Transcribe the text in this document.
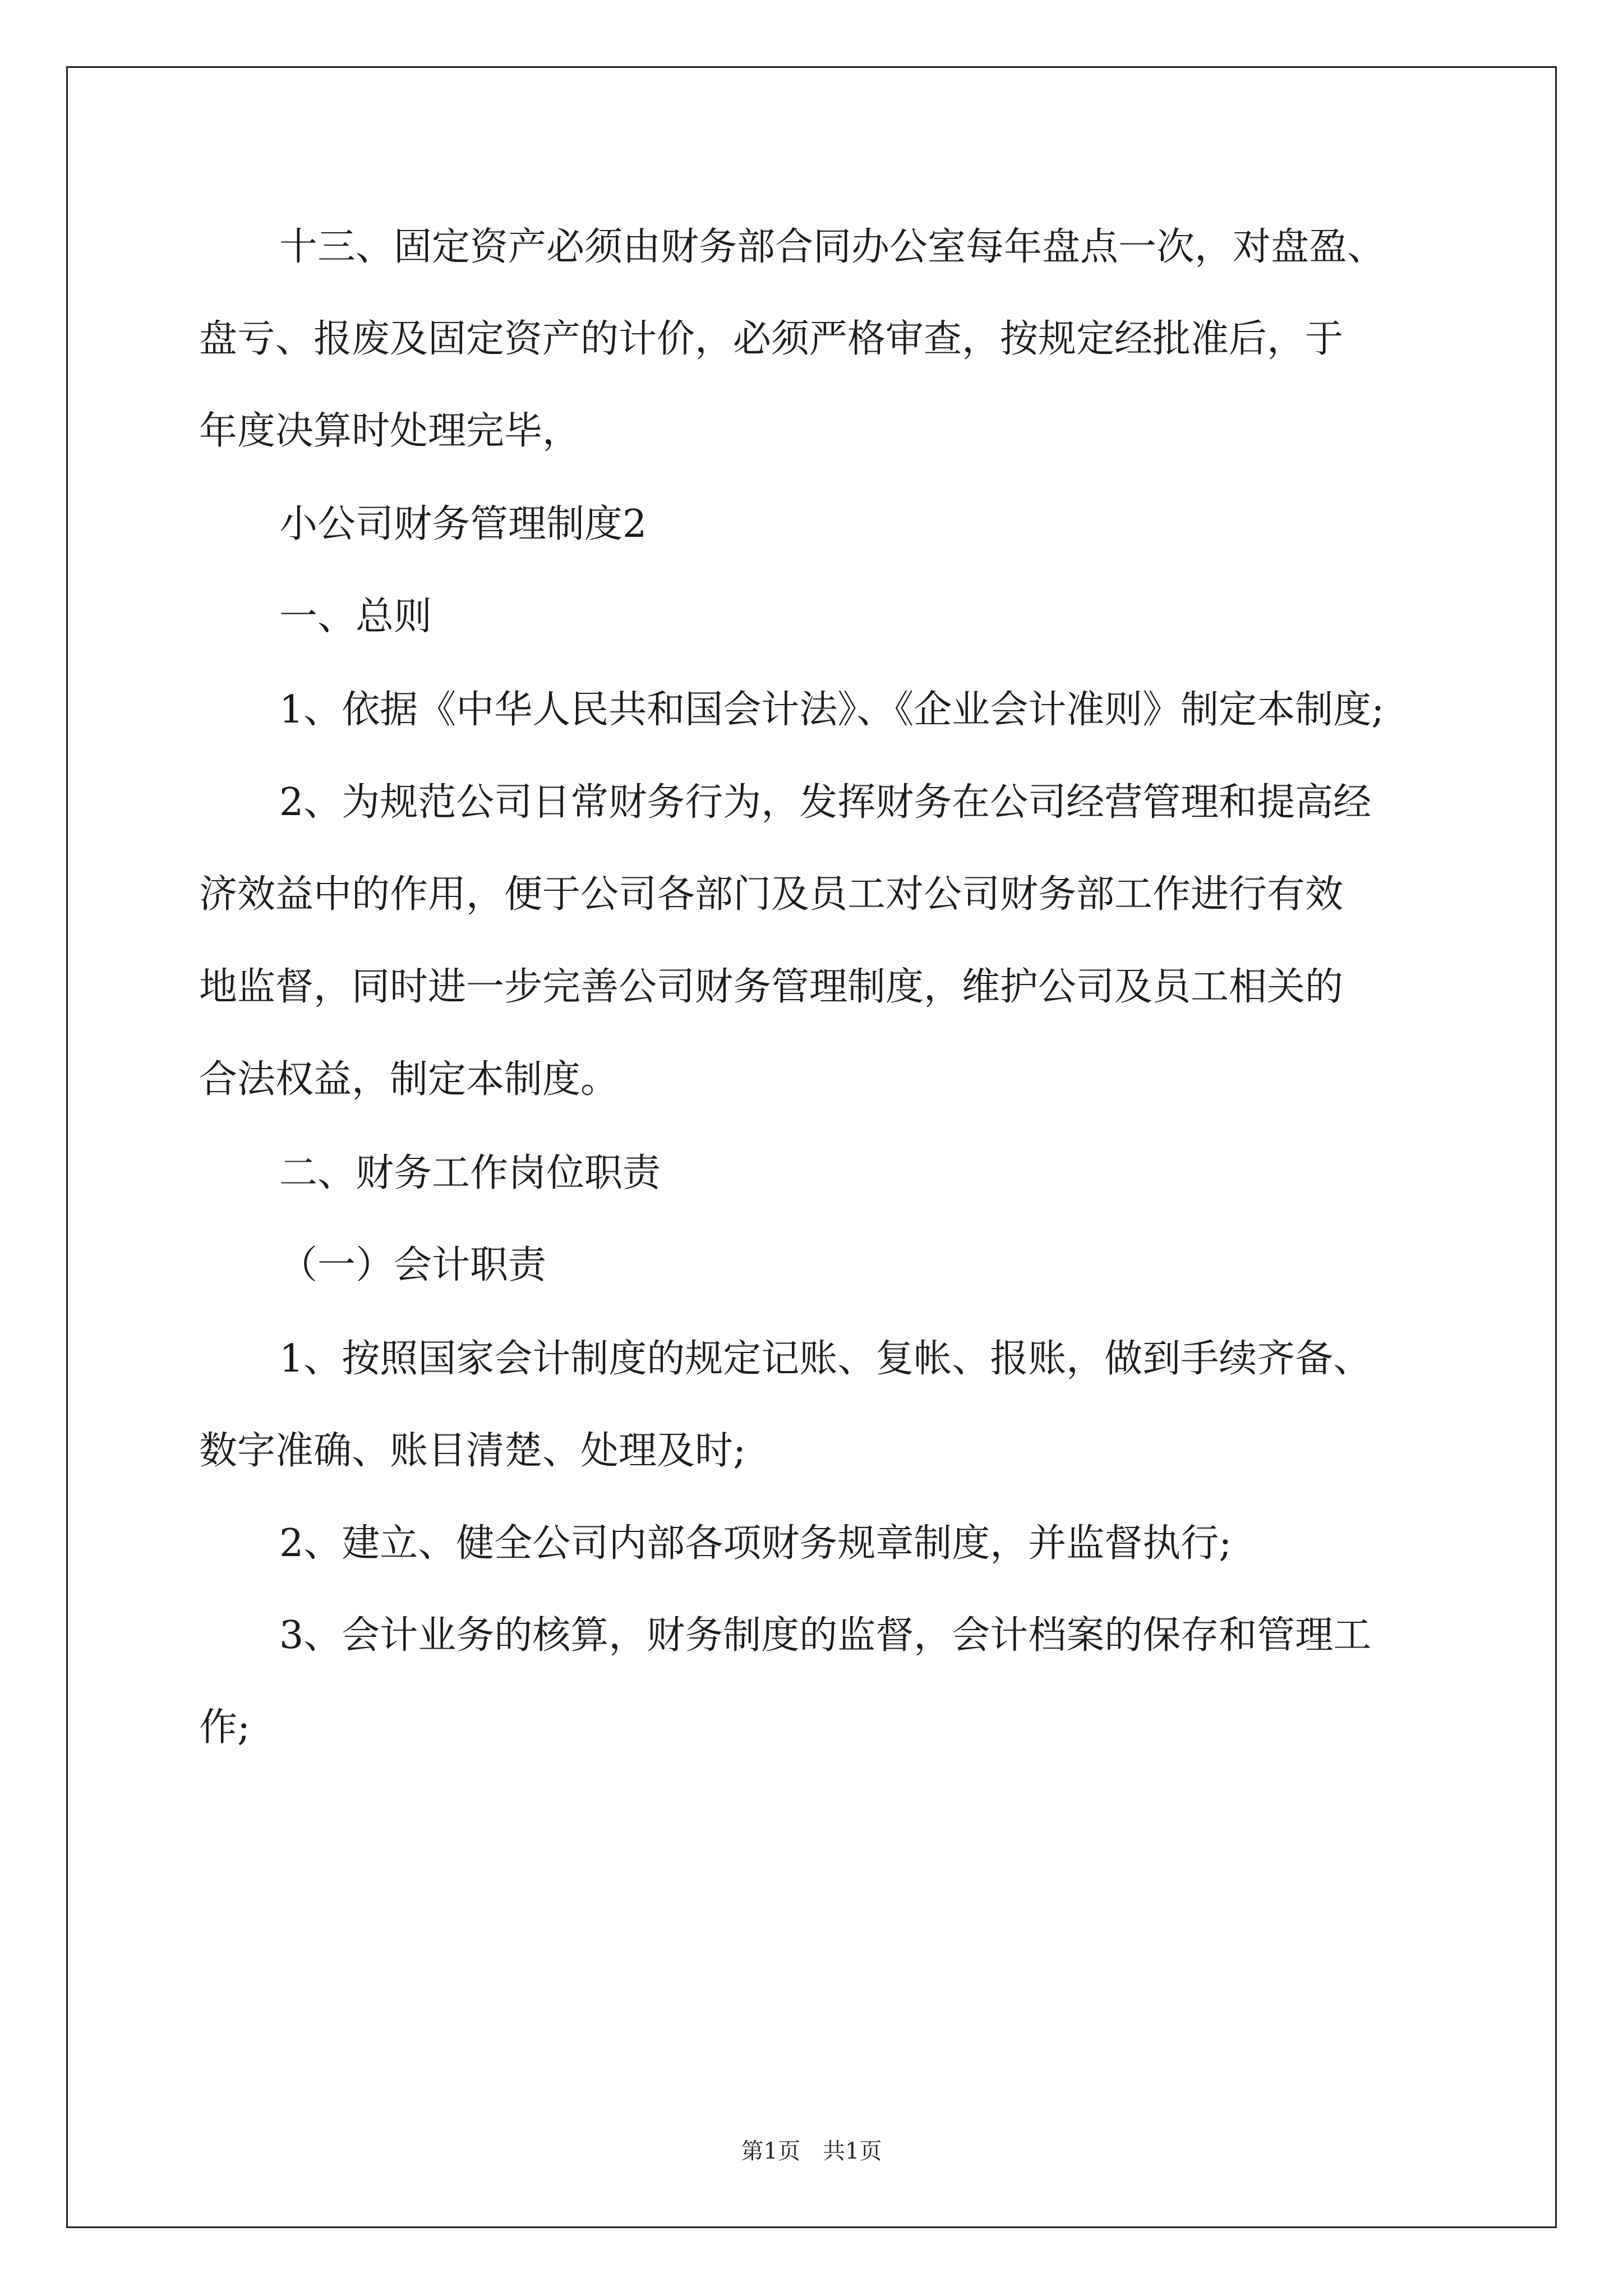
十三、固定资产必须由财务部合同办公室每年盘点一次，对盘盈、
盘亏、报废及固定资产的计价，必须严格审查，按规定经批准后，于
年度决算时处理完毕，
小公司财务管理制度2
一、总则
1、依据《中华人民共和国会计法》、《企业会计准则》制定本制度;
2、为规范公司日常财务行为，发挥财务在公司经营管理和提高经
济效益中的作用，便于公司各部门及员工对公司财务部工作进行有效
地监督，同时进一步完善公司财务管理制度，维护公司及员工相关的
合法权益，制定本制度。
二、财务工作岗位职责
（一）会计职责
1、按照国家会计制度的规定记账、复帐、报账，做到手续齐备、
数字准确、账目清楚、处理及时;
2、建立、健全公司内部各项财务规章制度，并监督执行;
3、会计业务的核算，财务制度的监督，会计档案的保存和管理工
作;
第1页　共1页
